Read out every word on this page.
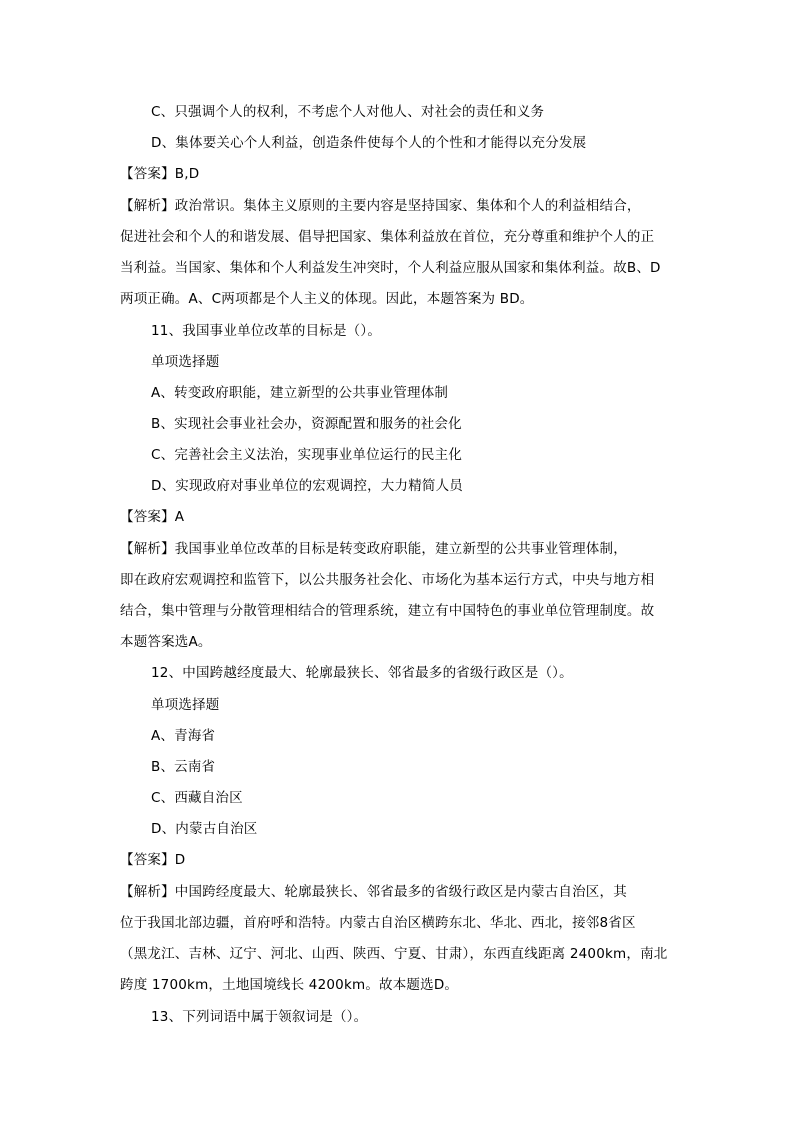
C、只强调个人的权利，不考虑个人对他人、对社会的责任和义务
D、集体要关心个人利益，创造条件使每个人的个性和才能得以充分发展
【答案】B,D
【解析】政治常识。集体主义原则的主要内容是坚持国家、集体和个人的利益相结合，
促进社会和个人的和谐发展、倡导把国家、集体利益放在首位，充分尊重和维护个人的正
当利益。当国家、集体和个人利益发生冲突时，个人利益应服从国家和集体利益。故B、D
两项正确。A、C两项都是个人主义的体现。因此，本题答案为 BD。
11、我国事业单位改革的目标是（）。
单项选择题
A、转变政府职能，建立新型的公共事业管理体制
B、实现社会事业社会办，资源配置和服务的社会化
C、完善社会主义法治，实现事业单位运行的民主化
D、实现政府对事业单位的宏观调控，大力精简人员
【答案】A
【解析】我国事业单位改革的目标是转变政府职能，建立新型的公共事业管理体制，
即在政府宏观调控和监管下，以公共服务社会化、市场化为基本运行方式，中央与地方相
结合，集中管理与分散管理相结合的管理系统，建立有中国特色的事业单位管理制度。故
本题答案选A。
12、中国跨越经度最大、轮廓最狭长、邻省最多的省级行政区是（）。
单项选择题
A、青海省
B、云南省
C、西藏自治区
D、内蒙古自治区
【答案】D
【解析】中国跨经度最大、轮廓最狭长、邻省最多的省级行政区是内蒙古自治区，其
位于我国北部边疆，首府呼和浩特。内蒙古自治区横跨东北、华北、西北，接邻8省区
（黑龙江、吉林、辽宁、河北、山西、陕西、宁夏、甘肃），东西直线距离 2400km，南北
跨度 1700km，土地国境线长 4200km。故本题选D。
13、下列词语中属于领叙词是（）。
